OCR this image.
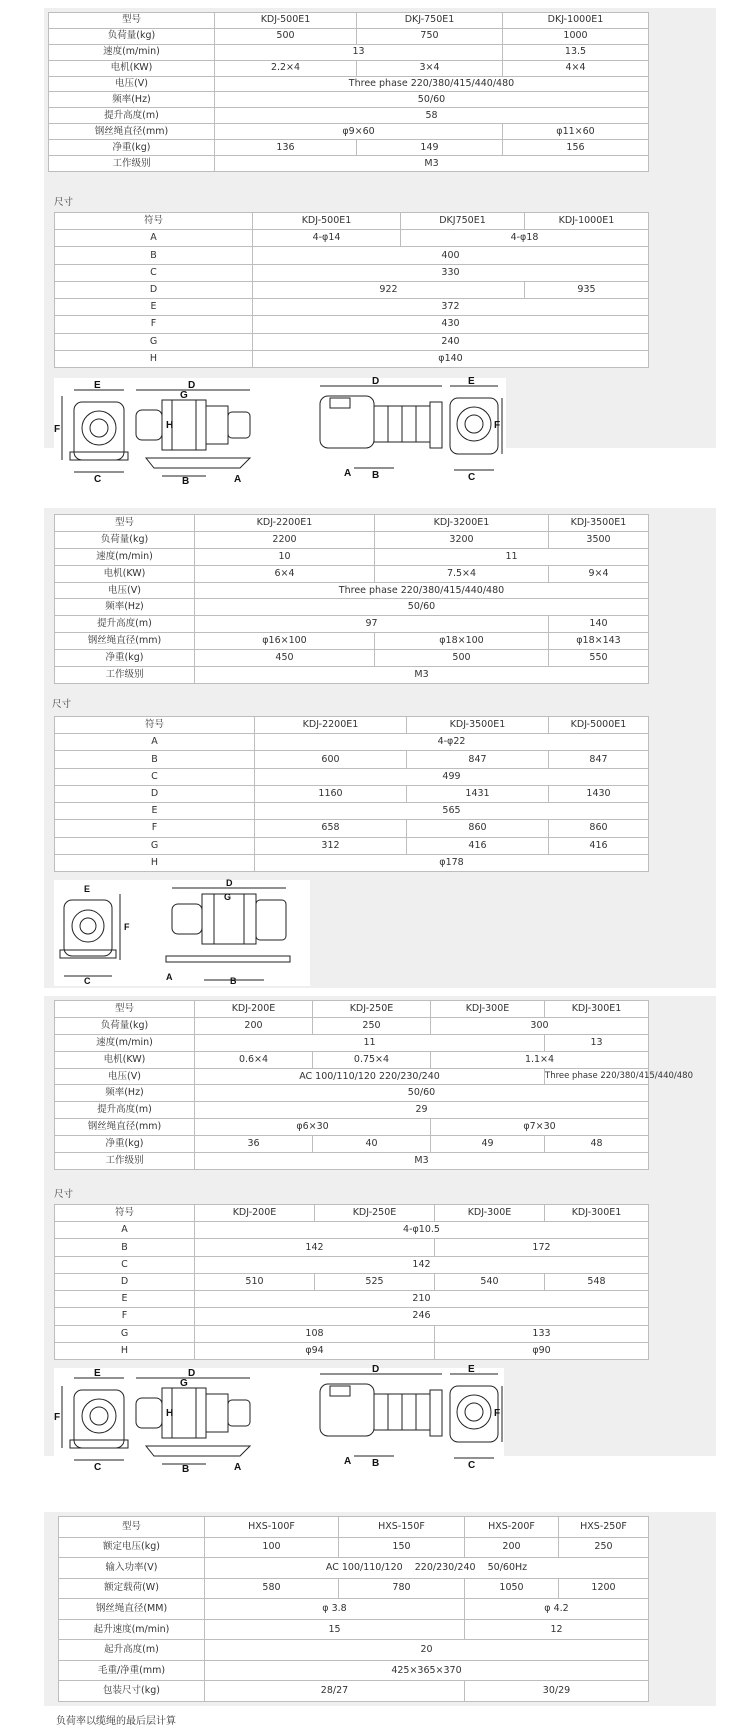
型号	KDJ-500E1	DKJ-750E1	DKJ-1000E1
负荷量(kg)	500	750	1000
速度(m/min)	13		13.5
电机(KW)	2.2×4	3×4	4×4
电压(V)	Three phase 220/380/415/440/480		
频率(Hz)	50/60		
提升高度(m)	58		
钢丝绳直径(mm)	φ9×60		φ11×60
净重(kg)	136	149	156
工作级别	M3		
尺寸
符号	KDJ-500E1	DKJ750E1	KDJ-1000E1
A	4-φ14	4-φ18	
B	400		
C	330		
D	922		935
E	372		
F	430		
G	240		
H	φ140		
E
F
C
D
G
H
B	A
D
A B
E
F
C
型号	KDJ-2200E1	KDJ-3200E1	KDJ-3500E1
负荷量(kg)	2200	3200	3500
速度(m/min)	10	11	
电机(KW)	6×4	7.5×4	9×4
电压(V)	Three phase 220/380/415/440/480		
频率(Hz)	50/60		
提升高度(m)	97		140
钢丝绳直径(mm)	φ16×100	φ18×100	φ18×143
净重(kg)	450	500	550
工作级别	M3		
尺寸
符号	KDJ-2200E1	KDJ-3500E1	KDJ-5000E1
A	4-φ22		
B	600	847	847
C	499		
D	1160	1431	1430
E	565		
F	658	860	860
G	312	416	416
H	φ178		
E
F
C
D
G
A	B
型号	KDJ-200E	KDJ-250E	KDJ-300E	KDJ-300E1
负荷量(kg)	200	250	300	
速度(m/min)	11			13
电机(KW)	0.6×4	0.75×4	1.1×4	
电压(V)	AC 100/110/120 220/230/240			Three phase 220/380/415/440/480
频率(Hz)	50/60			
提升高度(m)	29			
钢丝绳直径(mm)	φ6×30		φ7×30	
净重(kg)	36	40	49	48
工作级别	M3			
尺寸
符号	KDJ-200E	KDJ-250E	KDJ-300E	KDJ-300E1
A	4-φ10.5			
B	142		172	
C	142			
D	510	525	540	548
E	210			
F	246			
G	108		133	
H	φ94		φ90	
E
F
C
D
G
H
B	A
D
A B
E
F
C
型号	HXS-100F	HXS-150F	HXS-200F	HXS-250F
额定电压(kg)	100	150	200	250
输入功率(V)	AC 100/110/120    220/230/240    50/60Hz			
额定载荷(W)	580	780	1050	1200
钢丝绳直径(MM)	φ 3.8		φ 4.2	
起升速度(m/min)	15		12	
起升高度(m)	20			
毛重/净重(mm)	425×365×370			
包装尺寸(kg)	28/27		30/29	
负荷率以缆绳的最后层计算
